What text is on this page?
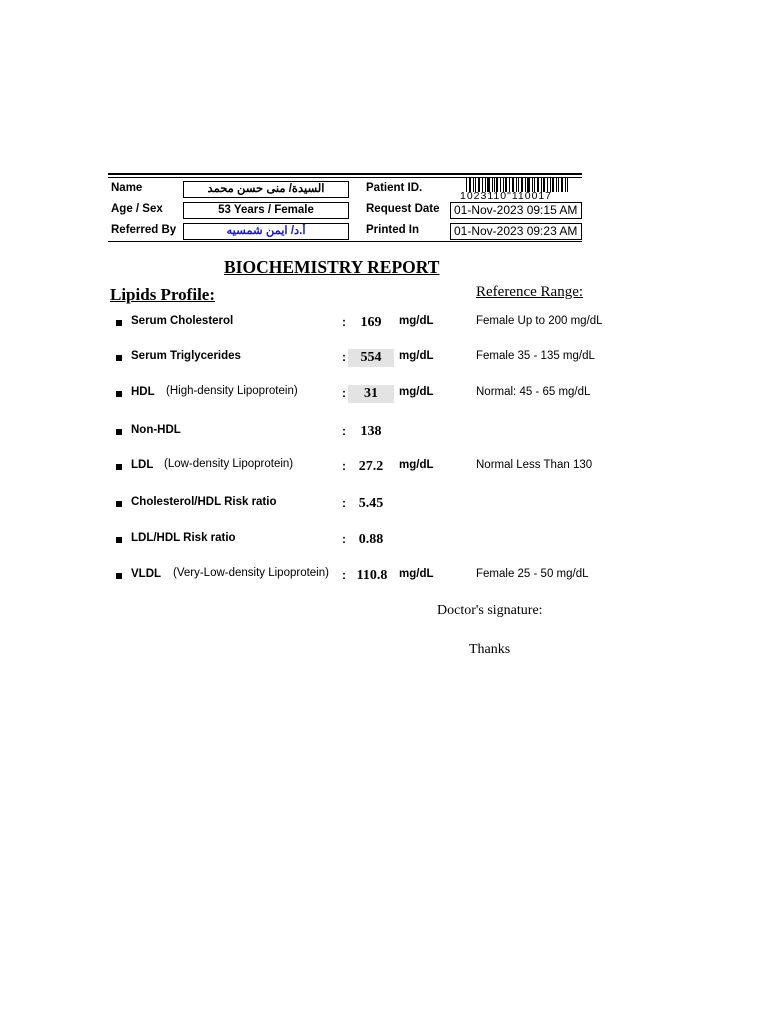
Name	السيدة/ منى حسن محمد
Age / Sex	53 Years / Female
Referred By	أ.د/ ايمن شمسيه
Patient ID.
1023110"110017
Request Date	01-Nov-2023 09:15 AM
Printed In	01-Nov-2023 09:23 AM
BIOCHEMISTRY REPORT
Lipids Profile:	Reference Range:
Serum Cholesterol	:	169	mg/dL	Female Up to 200 mg/dL
Serum Triglycerides	:	554	mg/dL	Female 35 - 135 mg/dL
HDL (High-density Lipoprotein)	:	31	mg/dL	Normal: 45 - 65 mg/dL
Non-HDL	:	138
LDL (Low-density Lipoprotein)	: 27.2	mg/dL	Normal Less Than 130
Cholesterol/HDL Risk ratio	: 5.45
LDL/HDL Risk ratio	: 0.88
VLDL (Very-Low-density Lipoprotein) : 110.8	mg/dL	Female 25 - 50 mg/dL
Doctor's signature:
Thanks
